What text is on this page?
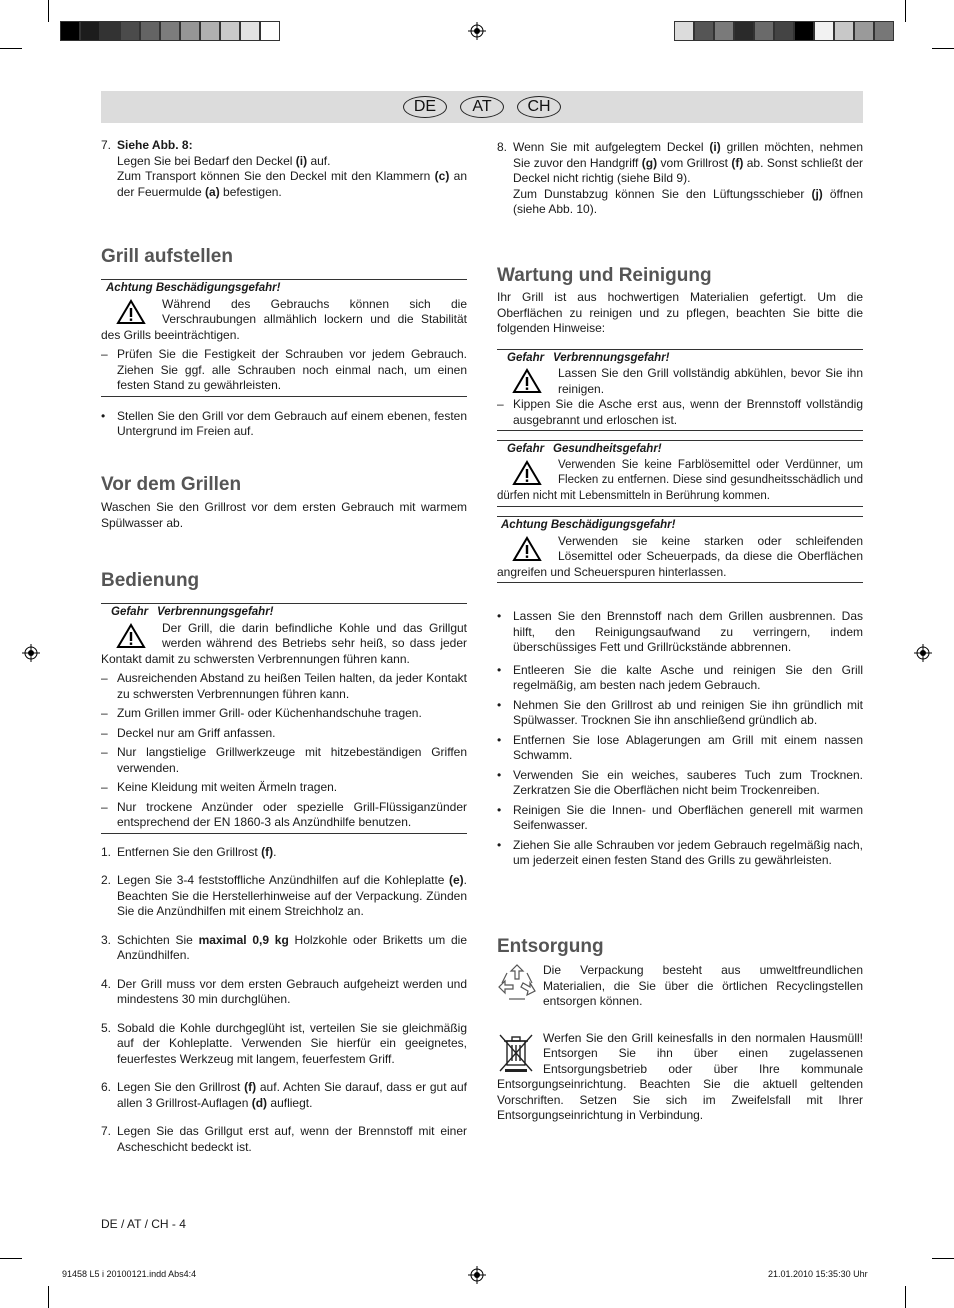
DE	AT	CH
7. Siehe Abb. 8:
Legen Sie bei Bedarf den Deckel (i) auf.
Zum Transport können Sie den Deckel mit den Klammern (c) an der Feuermulde (a) befestigen.
Grill aufstellen
Achtung Beschädigungsgefahr!

Während des Gebrauchs können sich die Verschraubungen allmählich lockern und die Stabilität des Grills beeinträchtigen.

– Prüfen Sie die Festigkeit der Schrauben vor jedem Gebrauch. Ziehen Sie ggf. alle Schrauben noch einmal nach, um einen festen Stand zu gewährleisten.
• Stellen Sie den Grill vor dem Gebrauch auf einem ebenen, festen Untergrund im Freien auf.
Vor dem Grillen

Waschen Sie den Grillrost vor dem ersten Gebrauch mit warmem Spülwasser ab.

Bedienung
Gefahr Verbrennungsgefahr!

Der Grill, die darin befindliche Kohle und das Grillgut werden während des Betriebs sehr heiß, so dass jeder Kontakt damit zu schwersten Verbrennungen führen kann.

– Ausreichenden Abstand zu heißen Teilen halten, da jeder Kontakt zu schwersten Verbrennungen führen kann.
– Zum Grillen immer Grill- oder Küchenhandschuhe tragen.
– Deckel nur am Griff anfassen.
– Nur langstielige Grillwerkzeuge mit hitzebeständigen Griffen verwenden.
– Keine Kleidung mit weiten Ärmeln tragen.
– Nur trockene Anzünder oder spezielle Grill-Flüssiganzünder entsprechend der EN 1860-3 als Anzündhilfe benutzen.
1. Entfernen Sie den Grillrost (f).
2. Legen Sie 3-4 feststoffliche Anzündhilfen auf die Kohleplatte (e). Beachten Sie die Herstellerhinweise auf der Verpackung. Zünden Sie die Anzündhilfen mit einem Streichholz an.
3. Schichten Sie maximal 0,9 kg Holzkohle oder Briketts um die Anzündhilfen.
4. Der Grill muss vor dem ersten Gebrauch aufgeheizt werden und mindestens 30 min durchglühen.
5. Sobald die Kohle durchgeglüht ist, verteilen Sie sie gleichmäßig auf der Kohleplatte. Verwenden Sie hierfür ein geeignetes, feuerfestes Werkzeug mit langem, feuerfestem Griff.
6. Legen Sie den Grillrost (f) auf. Achten Sie darauf, dass er gut auf allen 3 Grillrost-Auflagen (d) aufliegt.
7. Legen Sie das Grillgut erst auf, wenn der Brennstoff mit einer Ascheschicht bedeckt ist.
DE / AT / CH - 4
8. Wenn Sie mit aufgelegtem Deckel (i) grillen möchten, nehmen Sie zuvor den Handgriff (g) vom Grillrost (f) ab. Sonst schließt der Deckel nicht richtig (siehe Bild 9).
Zum Dunstabzug können Sie den Lüftungsschieber (j) öffnen (siehe Abb. 10).
Wartung und Reinigung

Ihr Grill ist aus hochwertigen Materialien gefertigt. Um die Oberflächen zu reinigen und zu pflegen, beachten Sie bitte die folgenden Hinweise:

Gefahr Verbrennungsgefahr!

Lassen Sie den Grill vollständig abkühlen, bevor Sie ihn reinigen.

– Kippen Sie die Asche erst aus, wenn der Brennstoff vollständig ausgebrannt und erloschen ist.
Gefahr Gesundheitsgefahr!

Verwenden Sie keine Farblösemittel oder Verdünner, um Flecken zu entfernen. Diese sind gesundheitsschädlich und dürfen nicht mit Lebensmitteln in Berührung kommen.

Achtung Beschädigungsgefahr!

Verwenden sie keine starken oder schleifenden Lösemittel oder Scheuerpads, da diese die Oberflächen angreifen und Scheuerspuren hinterlassen.

• Lassen Sie den Brennstoff nach dem Grillen ausbrennen. Das hilft, den Reinigungsaufwand zu verringern, indem überschüssiges Fett und Grillrückstände abbrennen.
• Entleeren Sie die kalte Asche und reinigen Sie den Grill regelmäßig, am besten nach jedem Gebrauch.
• Nehmen Sie den Grillrost ab und reinigen Sie ihn gründlich mit Spülwasser. Trocknen Sie ihn anschließend gründlich ab.
• Entfernen Sie lose Ablagerungen am Grill mit einem nassen Schwamm.
• Verwenden Sie ein weiches, sauberes Tuch zum Trocknen. Zerkratzen Sie die Oberflächen nicht beim Trockenreiben.
• Reinigen Sie die Innen- und Oberflächen generell mit warmen Seifenwasser.
• Ziehen Sie alle Schrauben vor jedem Gebrauch regelmäßig nach, um jederzeit einen festen Stand des Grills zu gewährleisten.
Entsorgung

Die Verpackung besteht aus umweltfreundlichen Materialien, die Sie über die örtlichen Recyclingstellen entsorgen können.

Werfen Sie den Grill keinesfalls in den normalen Hausmüll! Entsorgen Sie ihn über einen zugelassenen Entsorgungsbetrieb oder über Ihre kommunale Entsorgungseinrichtung. Beachten Sie die aktuell geltenden Vorschriften. Setzen Sie sich im Zweifelsfall mit Ihrer Entsorgungseinrichtung in Verbindung.

91458 L5 i 20100121.indd Abs4:4	21.01.2010 15:35:30 Uhr
